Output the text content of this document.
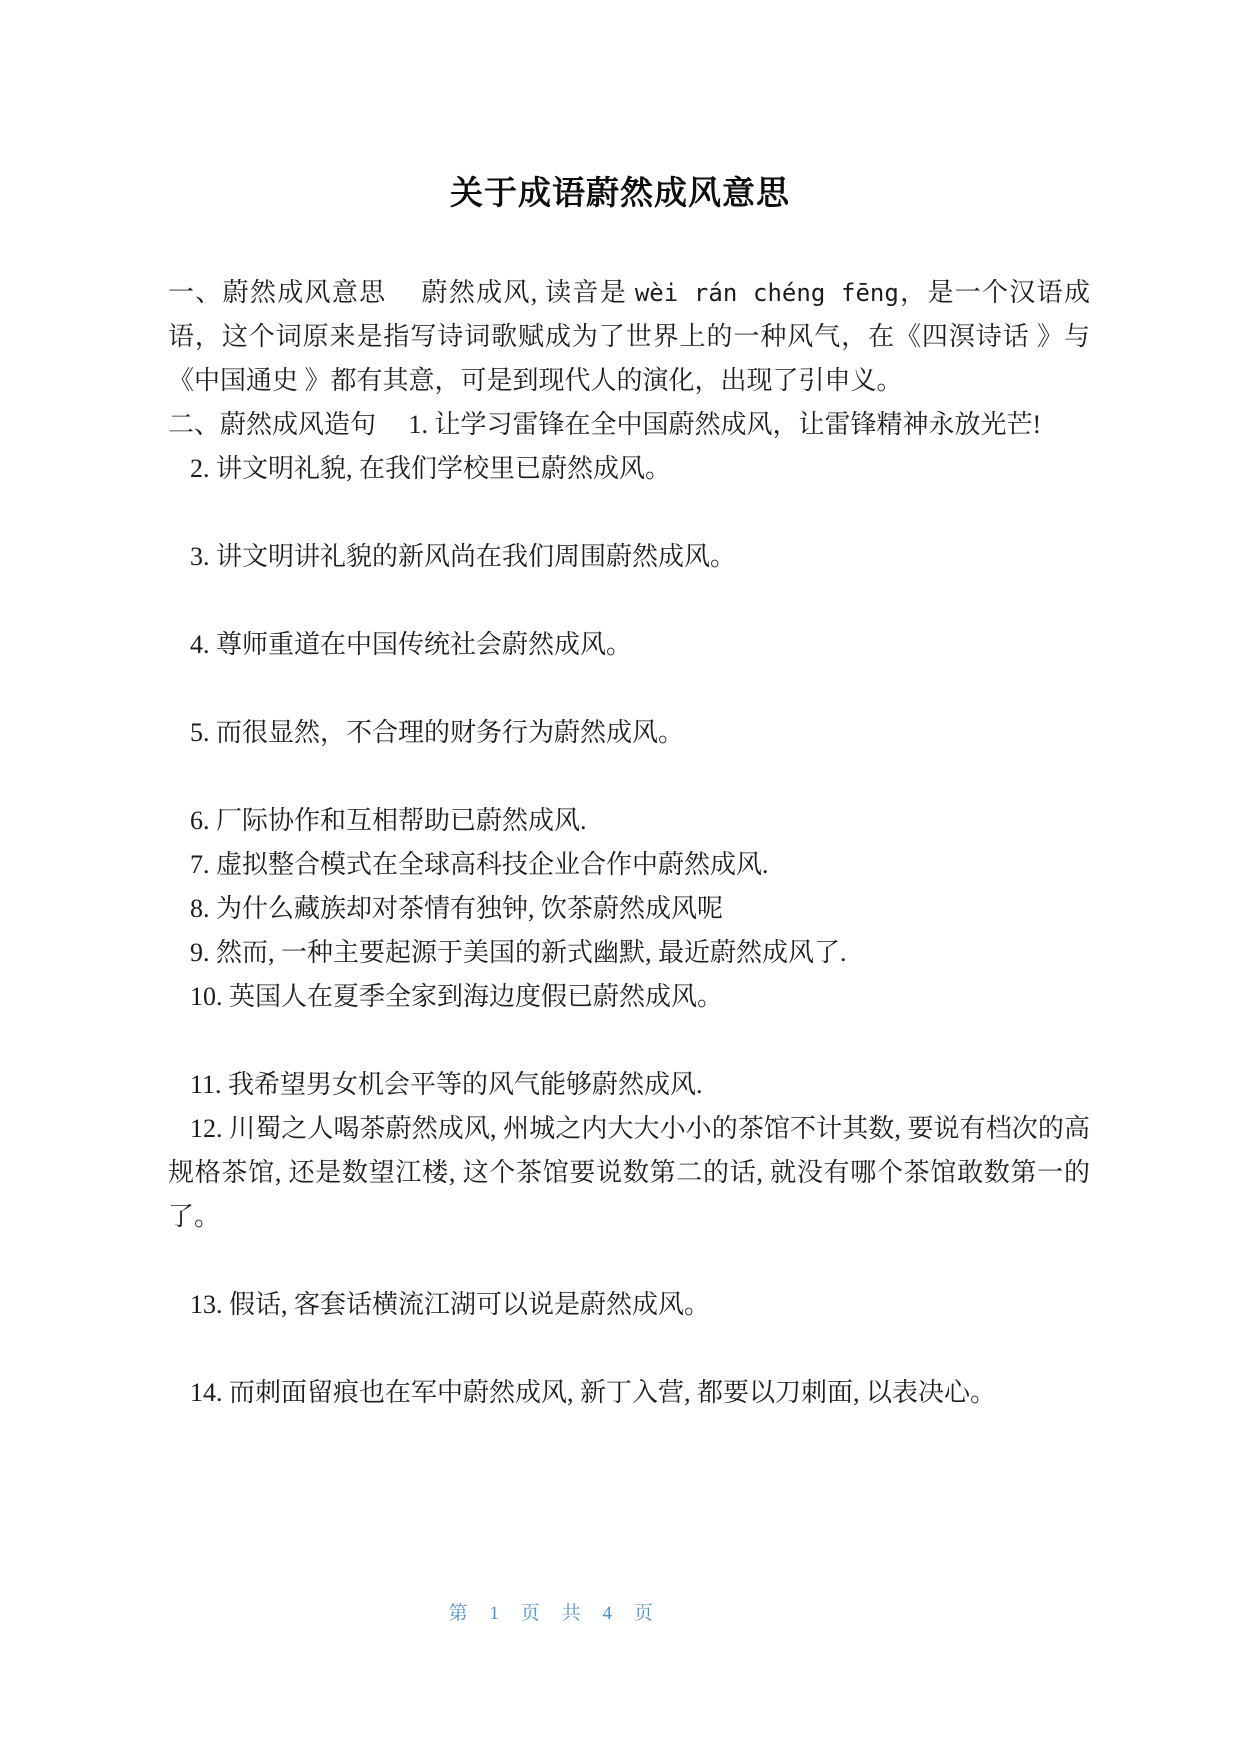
关于成语蔚然成风意思

一、蔚然成风意思　 蔚然成风, 读音是 wèi rán chéng fēng，是一个汉语成语，这个词原来是指写诗词歌赋成为了世界上的一种风气，在《四溟诗话 》与《中国通史 》都有其意，可是到现代人的演化，出现了引申义。

二、蔚然成风造句　 1. 让学习雷锋在全中国蔚然成风，让雷锋精神永放光芒!

2. 讲文明礼貌, 在我们学校里已蔚然成风。

3. 讲文明讲礼貌的新风尚在我们周围蔚然成风。

4. 尊师重道在中国传统社会蔚然成风。

5. 而很显然，不合理的财务行为蔚然成风。

6. 厂际协作和互相帮助已蔚然成风.

7. 虚拟整合模式在全球高科技企业合作中蔚然成风.

8. 为什么藏族却对茶情有独钟, 饮茶蔚然成风呢

9. 然而, 一种主要起源于美国的新式幽默, 最近蔚然成风了.

10. 英国人在夏季全家到海边度假已蔚然成风。

11. 我希望男女机会平等的风气能够蔚然成风.

12. 川蜀之人喝茶蔚然成风, 州城之内大大小小的茶馆不计其数, 要说有档次的高规格茶馆, 还是数望江楼, 这个茶馆要说数第二的话, 就没有哪个茶馆敢数第一的了。

13. 假话, 客套话横流江湖可以说是蔚然成风。

14. 而刺面留痕也在军中蔚然成风, 新丁入营, 都要以刀刺面, 以表决心。

第 1 页 共 4 页
